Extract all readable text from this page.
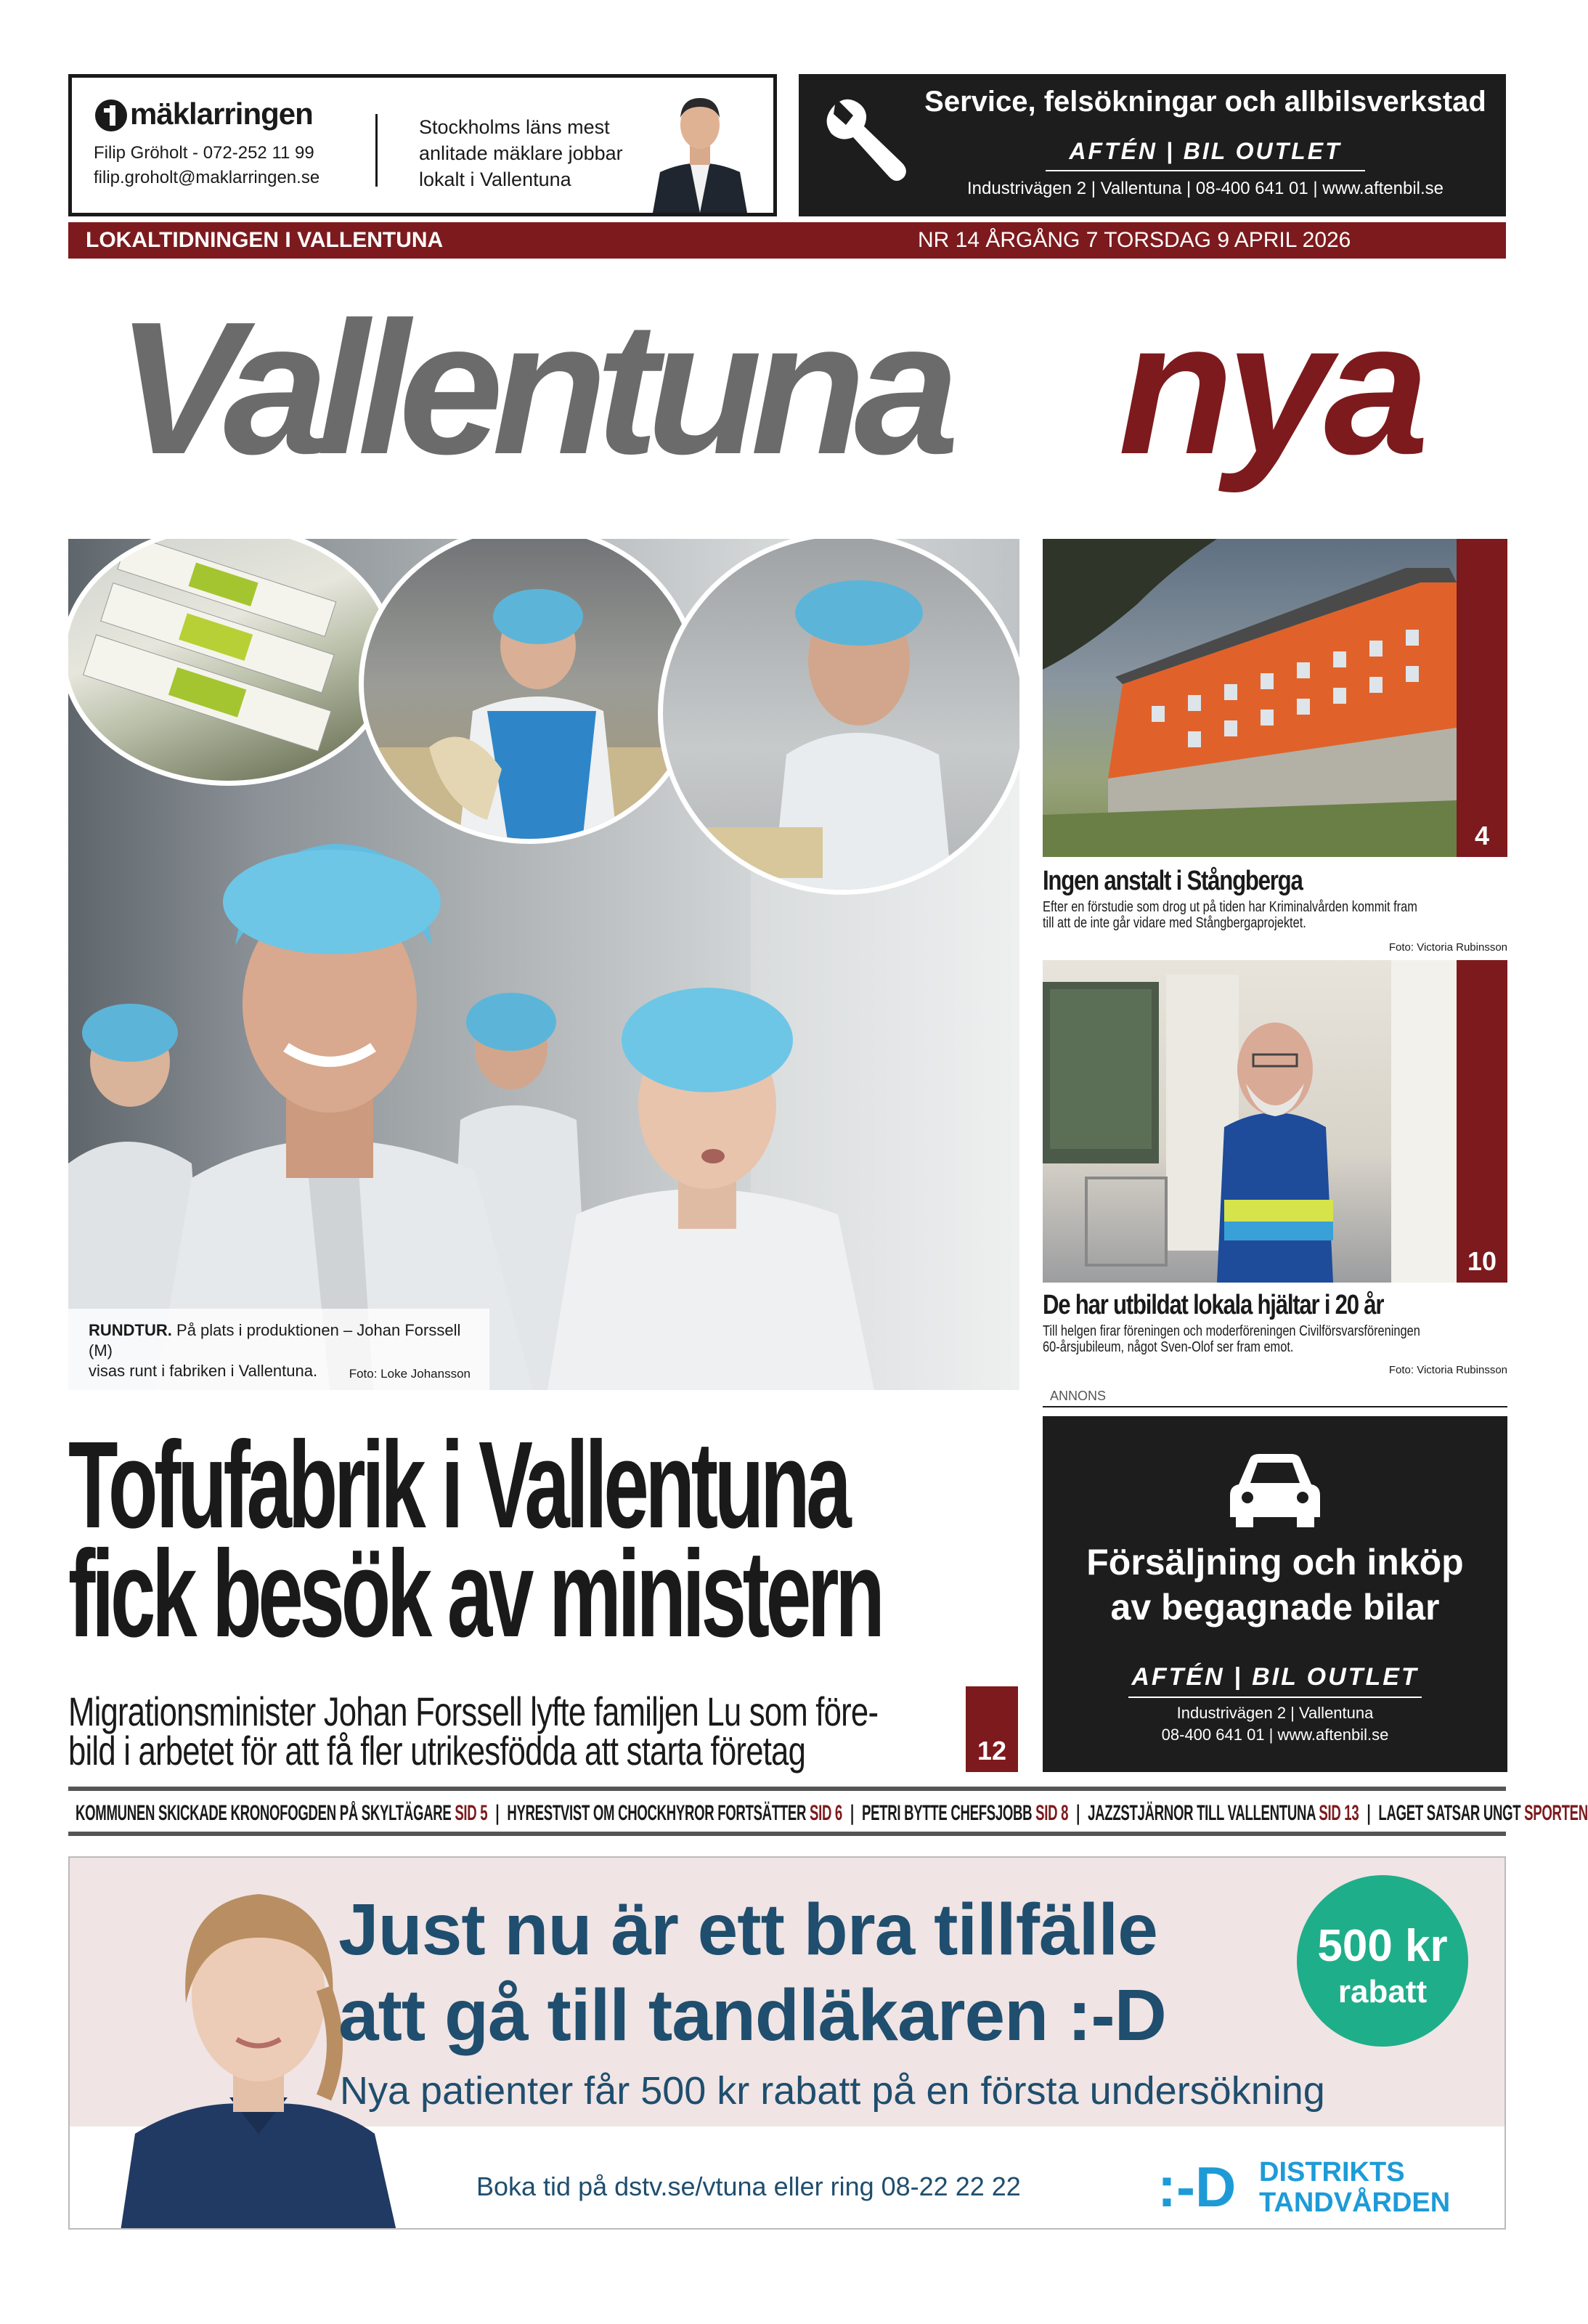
mäklarringen
Filip Gröholt - 072-252 11 99
filip.groholt@maklarringen.se
Stockholms läns mest
anlitade mäklare jobbar
lokalt i Vallentuna
Service, felsökningar och allbilsverkstad
AFTÉN | BIL OUTLET
Industrivägen 2 | Vallentuna | 08-400 641 01 | www.aftenbil.se
LOKALTIDNINGEN I VALLENTUNA	NR 14 ÅRGÅNG 7 TORSDAG 9 APRIL 2026
Vallentuna nya
RUNDTUR. På plats i produktionen – Johan Forssell (M)
visas runt i fabriken i Vallentuna.	Foto: Loke Johansson
4
Ingen anstalt i Stångberga
Efter en förstudie som drog ut på tiden har Kriminalvården kommit fram
till att de inte går vidare med Stångbergaprojektet.
Foto: Victoria Rubinsson
10
De har utbildat lokala hjältar i 20 år
Till helgen firar föreningen och moderföreningen Civilförsvarsföreningen
60-årsjubileum, något Sven-Olof ser fram emot.
Foto: Victoria Rubinsson
Tofufabrik i Vallentuna
fick besök av ministern
Migrationsminister Johan Forssell lyfte familjen Lu som före-
bild i arbetet för att få fler utrikesfödda att starta företag	12
ANNONS
Försäljning och inköp
av begagnade bilar
AFTÉN | BIL OUTLET
Industrivägen 2 | Vallentuna
08-400 641 01 | www.aftenbil.se
KOMMUNEN SKICKADE KRONOFOGDEN PÅ SKYLTÄGARE SID 5 | HYRESTVIST OM CHOCKHYROR FORTSÄTTER SID 6 | PETRI BYTTE CHEFSJOBB SID 8 | JAZZSTJÄRNOR TILL VALLENTUNA SID 13 | LAGET SATSAR UNGT SPORTEN
Just nu är ett bra tillfälle
att gå till tandläkaren :-D
Nya patienter får 500 kr rabatt på en första undersökning
500 kr
rabatt
Boka tid på dstv.se/vtuna eller ring 08-22 22 22 :-D DISTRIKTS
TANDVÅRDEN
